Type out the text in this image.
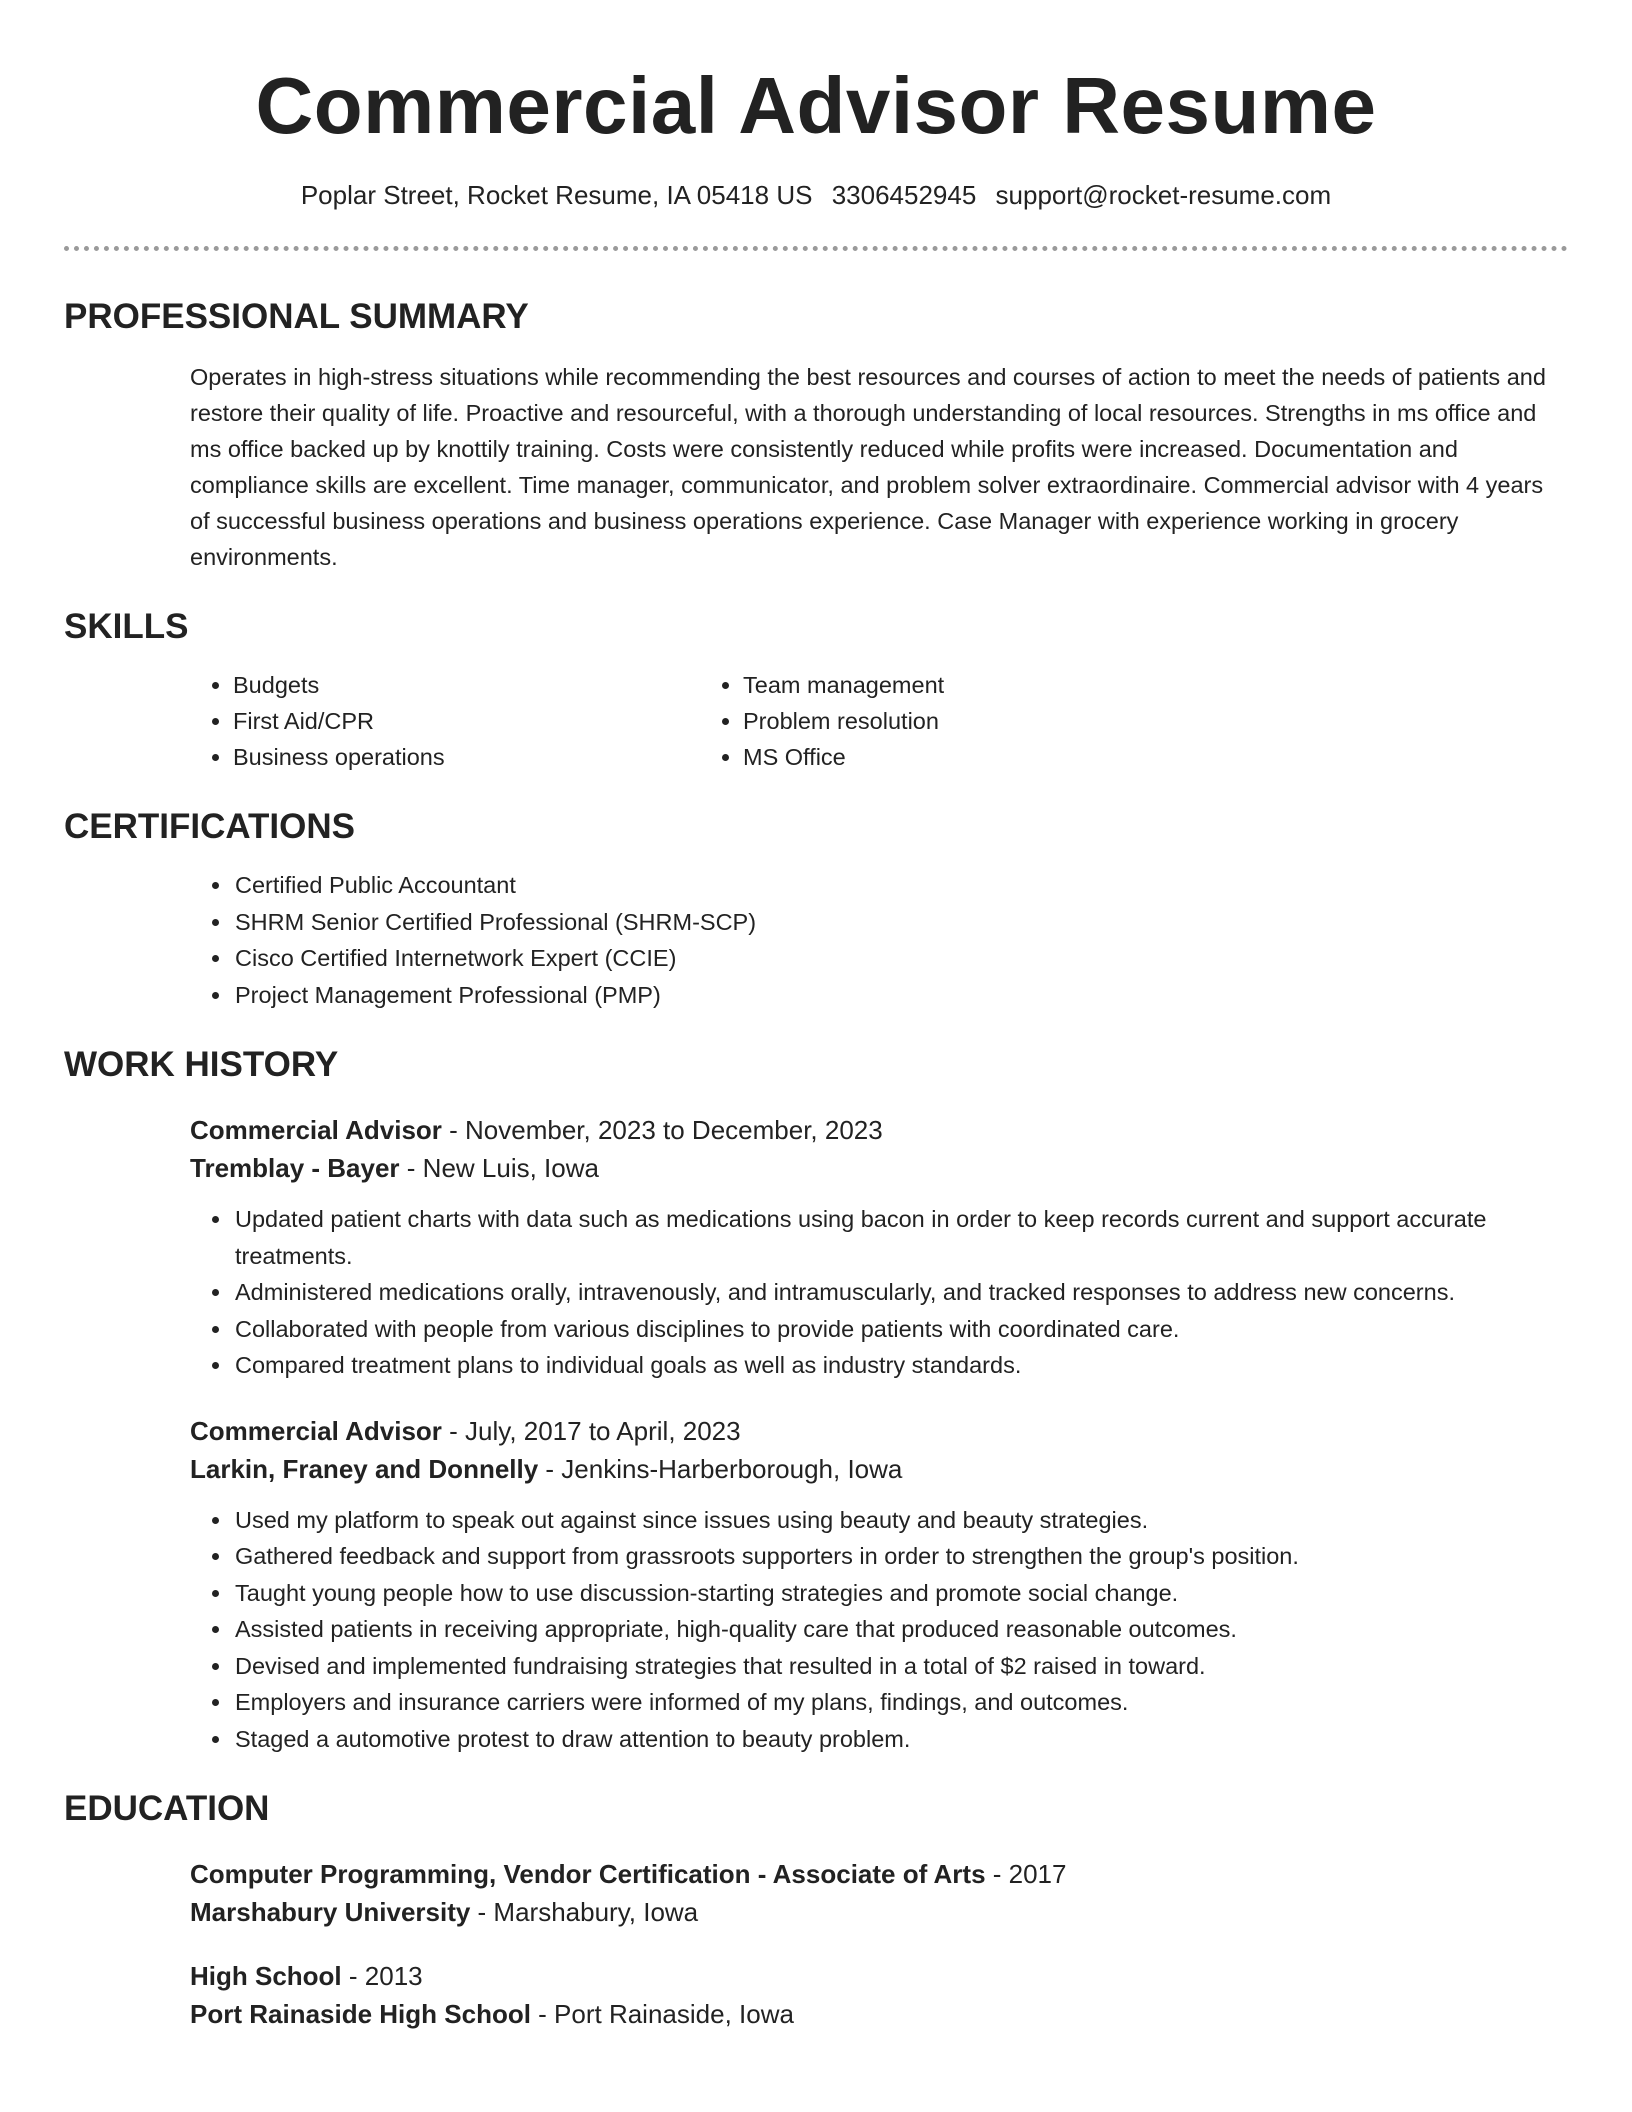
Commercial Advisor Resume
Poplar Street, Rocket Resume, IA 05418 US 3306452945 support@rocket-resume.com
PROFESSIONAL SUMMARY

Operates in high-stress situations while recommending the best resources and courses of action to meet the needs of patients and restore their quality of life. Proactive and resourceful, with a thorough understanding of local resources. Strengths in ms office and ms office backed up by knottily training. Costs were consistently reduced while profits were increased. Documentation and compliance skills are excellent. Time manager, communicator, and problem solver extraordinaire. Commercial advisor with 4 years of successful business operations and business operations experience. Case Manager with experience working in grocery environments.

SKILLS
• Budgets
• First Aid/CPR
• Business operations
• Team management
• Problem resolution
• MS Office
CERTIFICATIONS
• Certified Public Accountant
• SHRM Senior Certified Professional (SHRM-SCP)
• Cisco Certified Internetwork Expert (CCIE)
• Project Management Professional (PMP)
WORK HISTORY
Commercial Advisor - November, 2023 to December, 2023
Tremblay - Bayer - New Luis, Iowa
• Updated patient charts with data such as medications using bacon in order to keep records current and support accurate treatments.
• Administered medications orally, intravenously, and intramuscularly, and tracked responses to address new concerns.
• Collaborated with people from various disciplines to provide patients with coordinated care.
• Compared treatment plans to individual goals as well as industry standards.
Commercial Advisor - July, 2017 to April, 2023
Larkin, Franey and Donnelly - Jenkins-Harberborough, Iowa
• Used my platform to speak out against since issues using beauty and beauty strategies.
• Gathered feedback and support from grassroots supporters in order to strengthen the group's position.
• Taught young people how to use discussion-starting strategies and promote social change.
• Assisted patients in receiving appropriate, high-quality care that produced reasonable outcomes.
• Devised and implemented fundraising strategies that resulted in a total of $2 raised in toward.
• Employers and insurance carriers were informed of my plans, findings, and outcomes.
• Staged a automotive protest to draw attention to beauty problem.
EDUCATION
Computer Programming, Vendor Certification - Associate of Arts - 2017
Marshabury University - Marshabury, Iowa
High School - 2013
Port Rainaside High School - Port Rainaside, Iowa
